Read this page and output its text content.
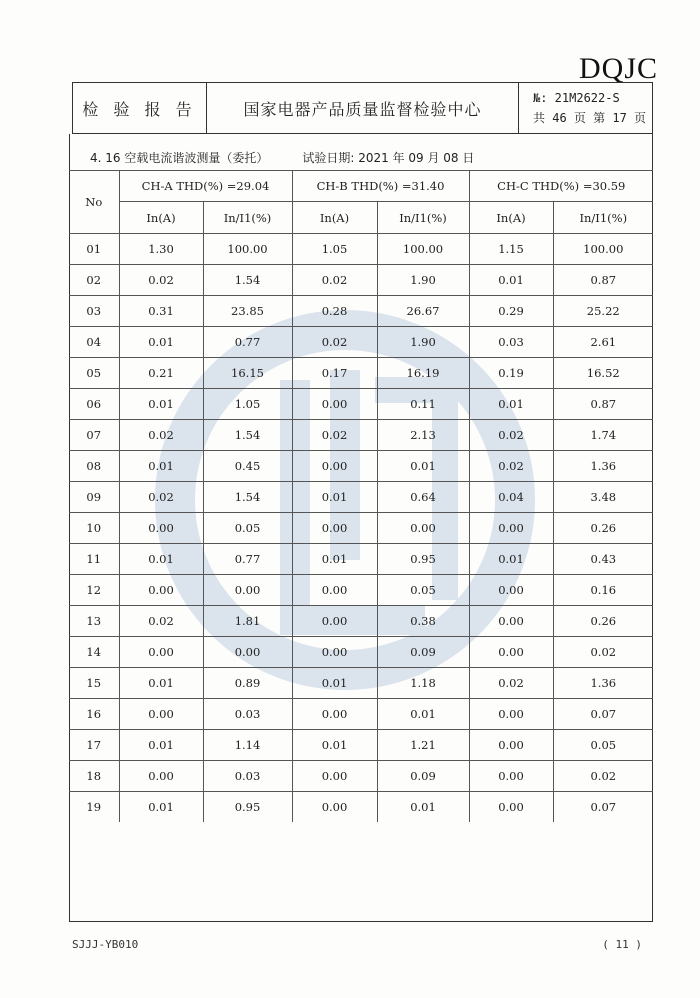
DQJC
检 验 报 告	国家电器产品质量监督检验中心
№: 21M2622-S
共 46 页 第 17 页
4. 16 空载电流谐波测量（委托）	试验日期: 2021 年 09 月 08 日
No	CH-A THD(%) =29.04		CH-B THD(%) =31.40		CH-C THD(%) =30.59	
	In(A)	In/I1(%)	In(A)	In/I1(%)	In(A)	In/I1(%)
01	1.30	100.00	1.05	100.00	1.15	100.00
02	0.02	1.54	0.02	1.90	0.01	0.87
03	0.31	23.85	0.28	26.67	0.29	25.22
04	0.01	0.77	0.02	1.90	0.03	2.61
05	0.21	16.15	0.17	16.19	0.19	16.52
06	0.01	1.05	0.00	0.11	0.01	0.87
07	0.02	1.54	0.02	2.13	0.02	1.74
08	0.01	0.45	0.00	0.01	0.02	1.36
09	0.02	1.54	0.01	0.64	0.04	3.48
10	0.00	0.05	0.00	0.00	0.00	0.26
11	0.01	0.77	0.01	0.95	0.01	0.43
12	0.00	0.00	0.00	0.05	0.00	0.16
13	0.02	1.81	0.00	0.38	0.00	0.26
14	0.00	0.00	0.00	0.09	0.00	0.02
15	0.01	0.89	0.01	1.18	0.02	1.36
16	0.00	0.03	0.00	0.01	0.00	0.07
17	0.01	1.14	0.01	1.21	0.00	0.05
18	0.00	0.03	0.00	0.09	0.00	0.02
19	0.01	0.95	0.00	0.01	0.00	0.07
SJJJ-YB010	( 11 )
